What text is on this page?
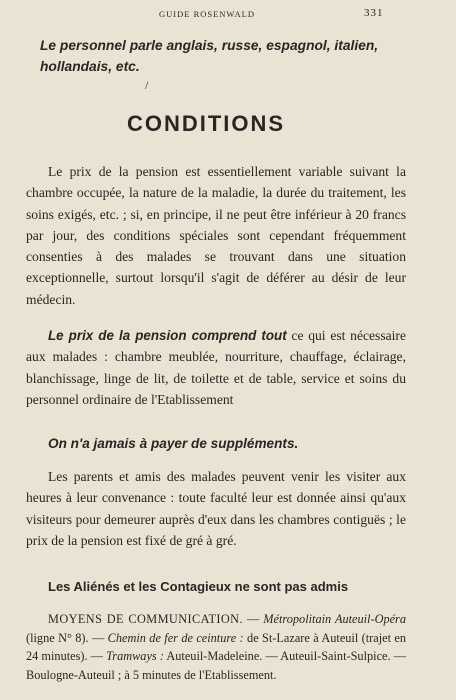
GUIDE ROSENWALD	331

Le personnel parle anglais, russe, espagnol, italien, hollandais, etc.

/
CONDITIONS

Le prix de la pension est essentiellement variable suivant la chambre occupée, la nature de la maladie, la durée du traitement, les soins exigés, etc. ; si, en principe, il ne peut être inférieur à 20 francs par jour, des conditions spéciales sont cependant fréquemment consenties à des malades se trouvant dans une situation exceptionnelle, surtout lorsqu'il s'agit de déférer au désir de leur médecin.

Le prix de la pension comprend tout ce qui est nécessaire aux malades : chambre meublée, nourriture, chauffage, éclairage, blanchissage, linge de lit, de toilette et de table, service et soins du personnel ordinaire de l'Etablissement

On n'a jamais à payer de suppléments.

Les parents et amis des malades peuvent venir les visiter aux heures à leur convenance : toute faculté leur est donnée ainsi qu'aux visiteurs pour demeurer auprès d'eux dans les chambres contiguës ; le prix de la pension est fixé de gré à gré.

Les Aliénés et les Contagieux ne sont pas admis

MOYENS DE COMMUNICATION. — Métropolitain Auteuil-Opéra (ligne N° 8). — Chemin de fer de ceinture : de St-Lazare à Auteuil (trajet en 24 minutes). — Tramways : Auteuil-Madeleine. — Auteuil-Saint-Sulpice. — Boulogne-Auteuil ; à 5 minutes de l'Etablissement.
